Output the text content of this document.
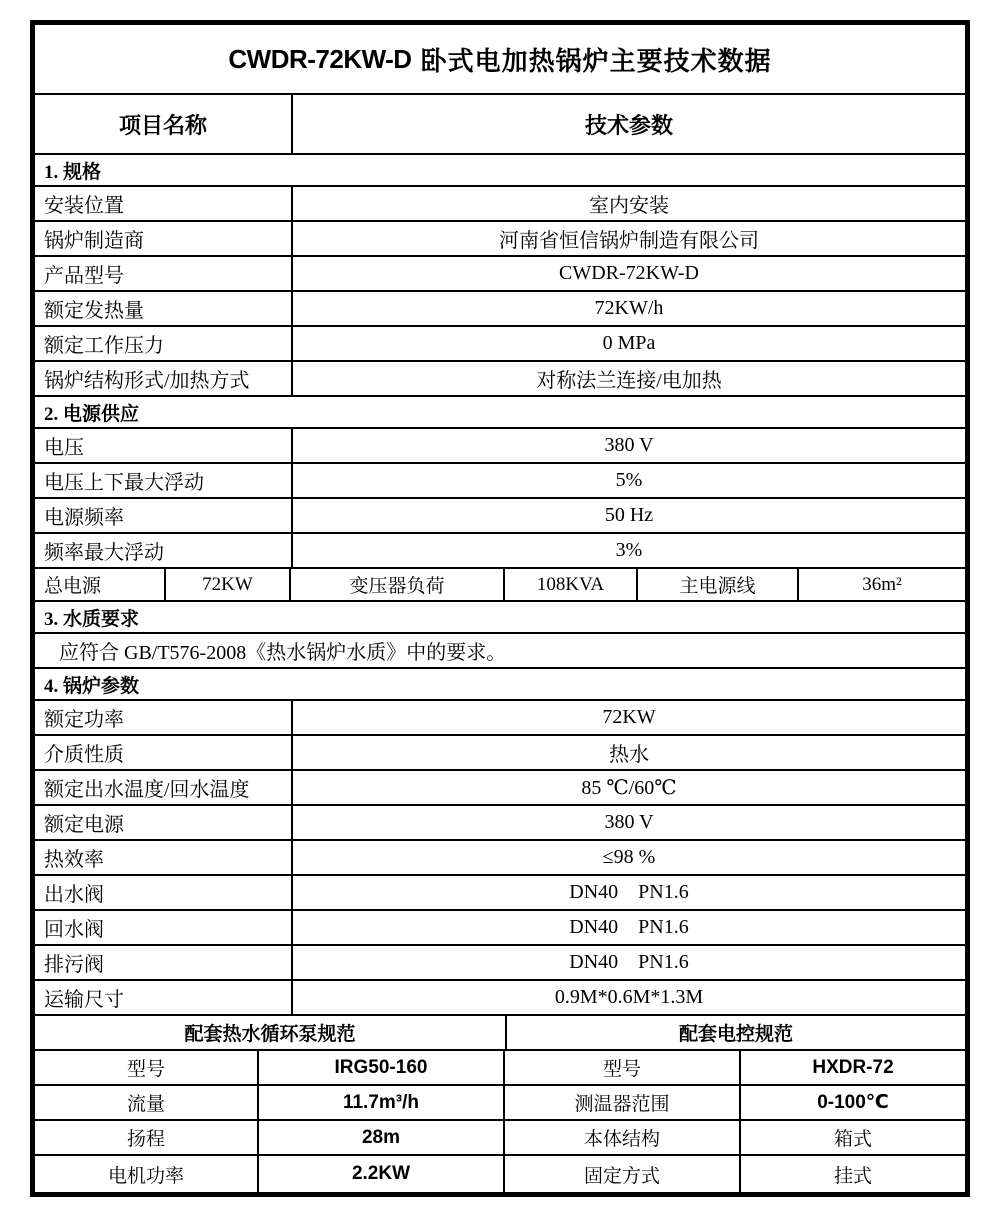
CWDR-72KW-D 卧式电加热锅炉主要技术数据
项目名称	技术参数
1. 规格
安装位置	室内安装
锅炉制造商	河南省恒信锅炉制造有限公司
产品型号	CWDR-72KW-D
额定发热量	72KW/h
额定工作压力	0 MPa
锅炉结构形式/加热方式	对称法兰连接/电加热
2. 电源供应
电压	380 V
电压上下最大浮动	5%
电源频率	50 Hz
频率最大浮动	3%
总电源	72KW	变压器负荷	108KVA	主电源线	36m²
3. 水质要求
应符合 GB/T576-2008《热水锅炉水质》中的要求。
4. 锅炉参数
额定功率	72KW
介质性质	热水
额定出水温度/回水温度	85 ℃/60℃
额定电源	380 V
热效率	≤98 %
出水阀	DN40    PN1.6
回水阀	DN40    PN1.6
排污阀	DN40    PN1.6
运输尺寸	0.9M*0.6M*1.3M
配套热水循环泵规范	配套电控规范
型号	IRG50-160	型号	HXDR-72
流量	11.7m³/h	测温器范围	0-100℃
扬程	28m	本体结构	箱式
电机功率	2.2KW	固定方式	挂式
